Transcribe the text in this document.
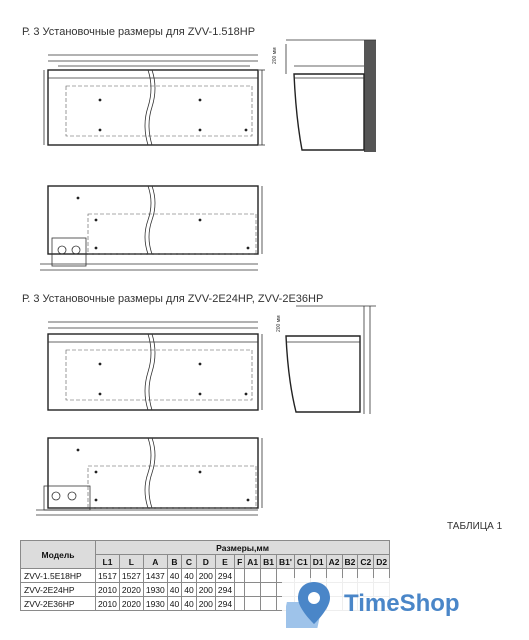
Р. 3 Установочные размеры для ZVV-1.518HP
Р. 3 Установочные размеры для ZVV-2E24HP, ZVV-2E36HP
200 мм
200 мм
ТАБЛИЦА 1
Модель	Размеры,мм																
	L1	L	A	B	C	D	E	F	A1	B1	B1'	C1	D1	A2	B2	C2	D2
ZVV-1.5E18HP	1517	1527	1437	40	40	200	294										
ZVV-2E24HP	2010	2020	1930	40	40	200	294										
ZVV-2E36HP	2010	2020	1930	40	40	200	294											TimeShop
